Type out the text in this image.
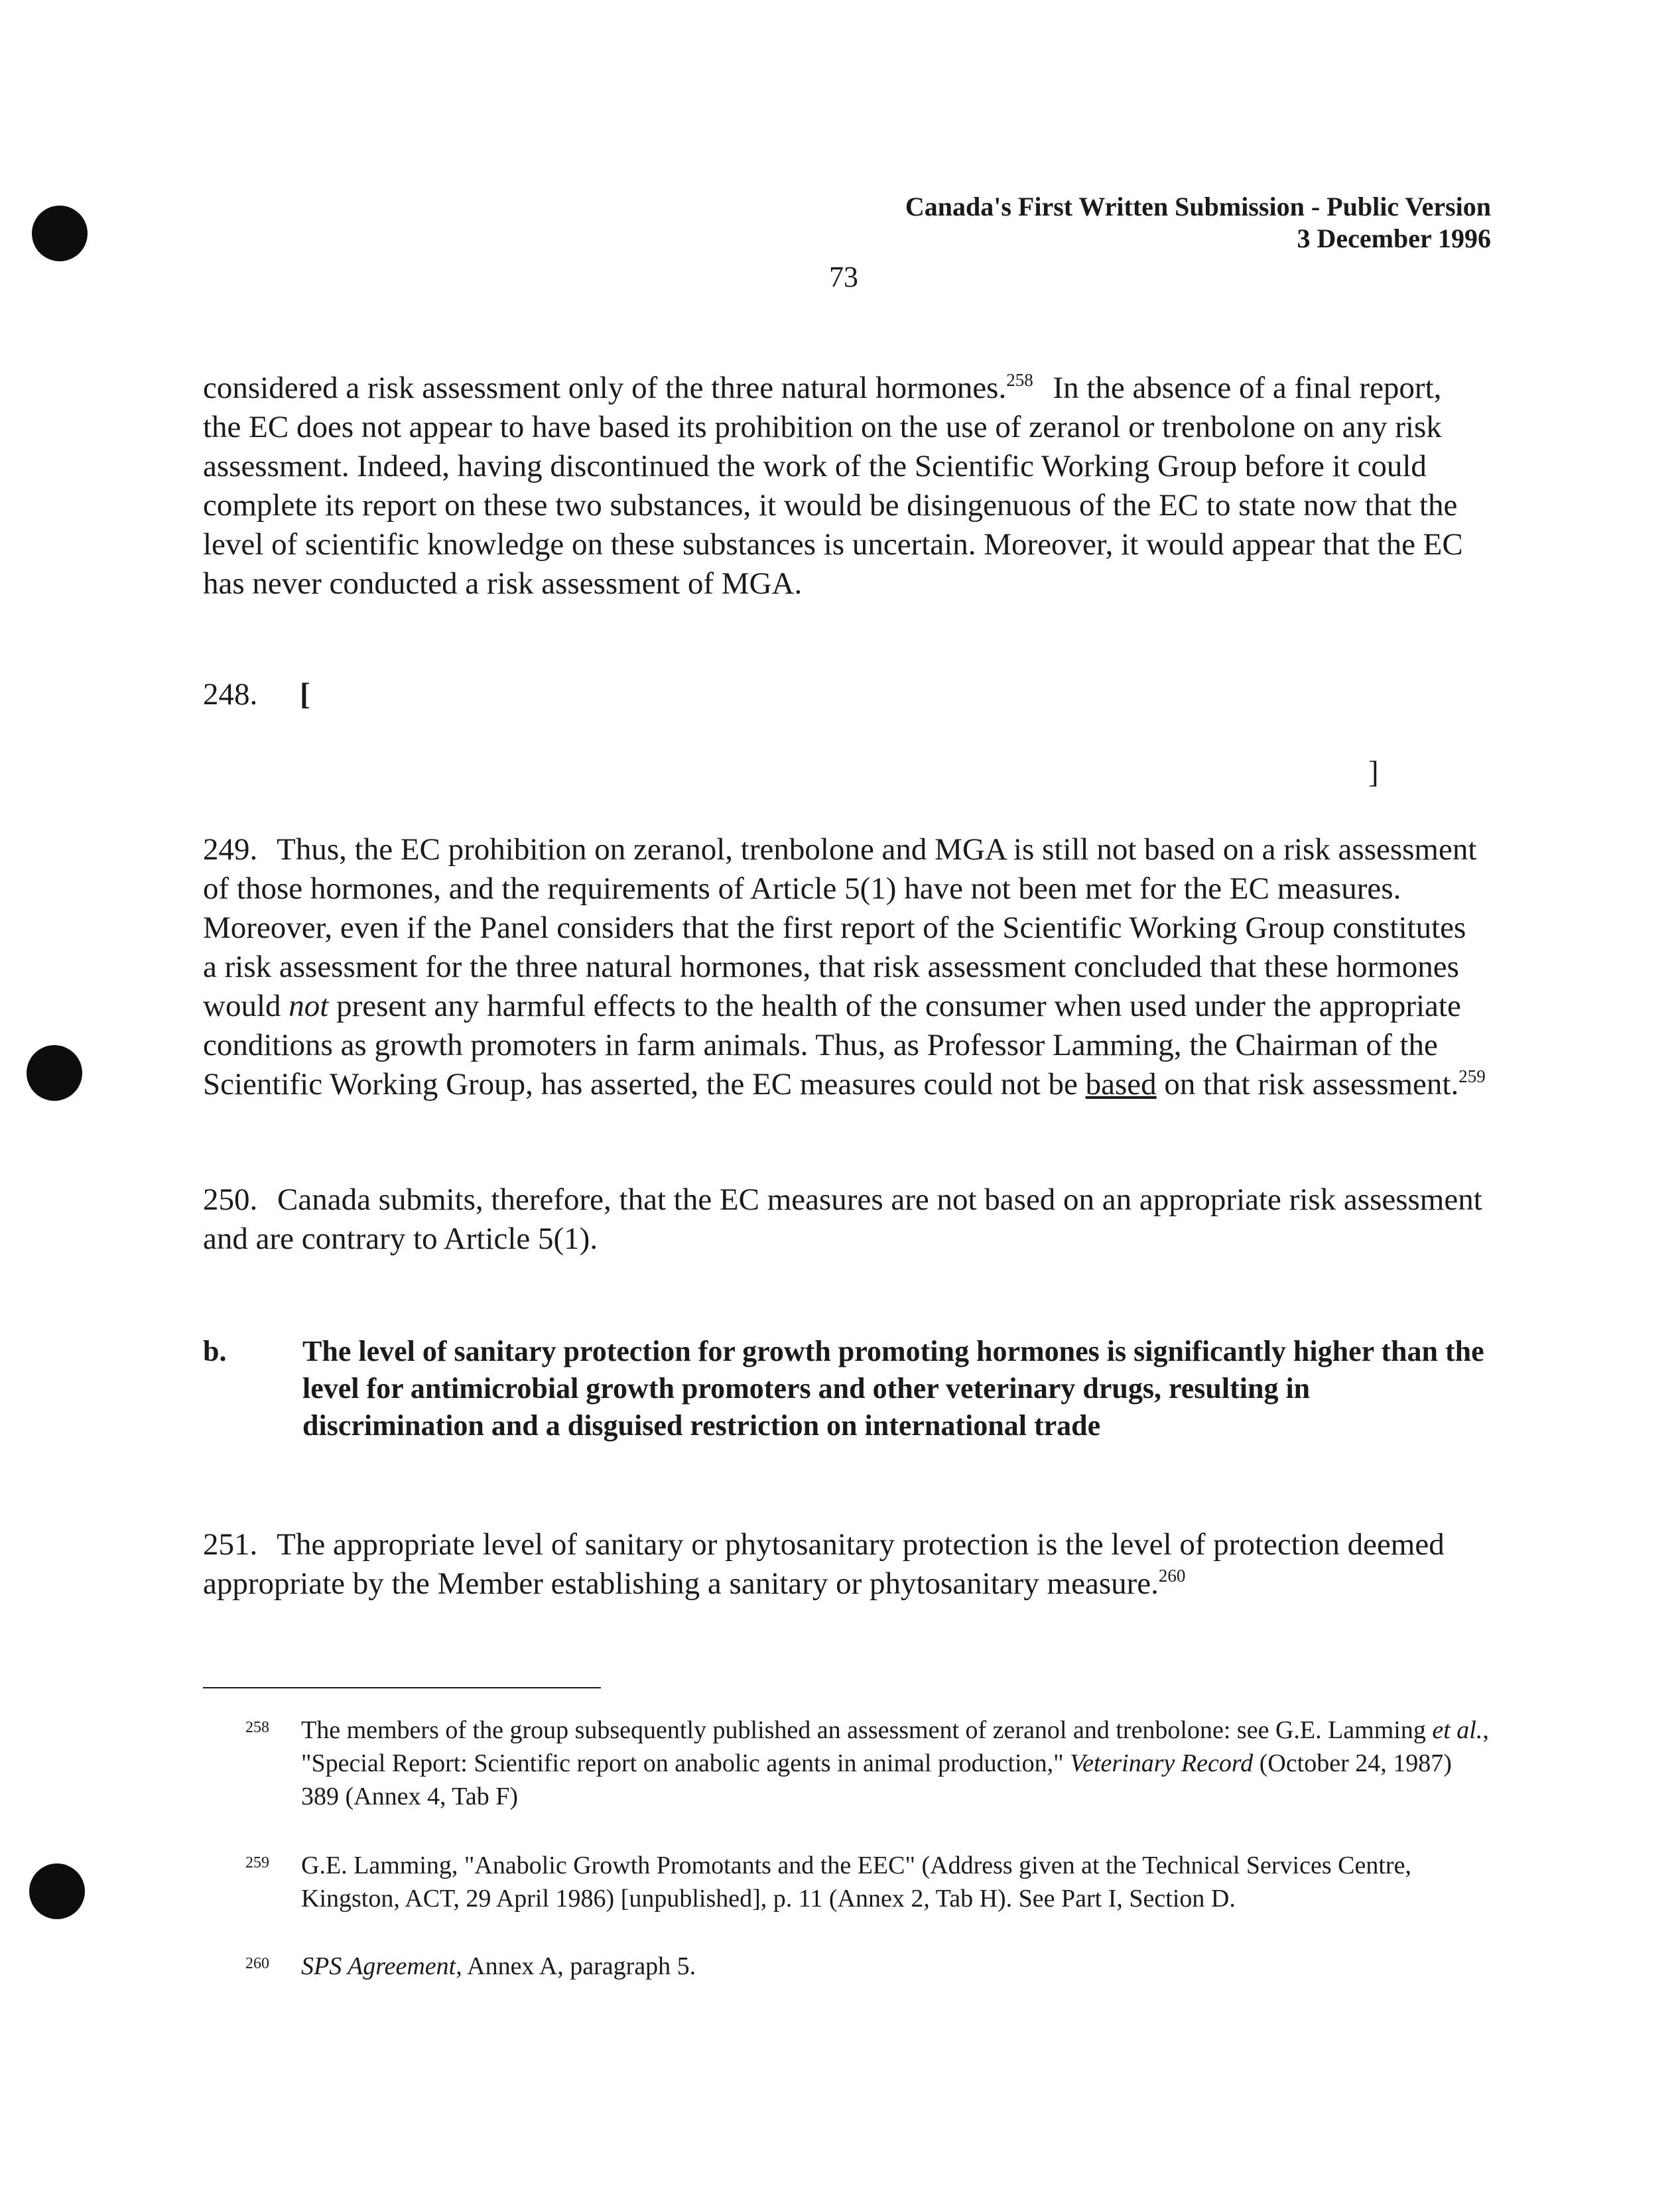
Canada's First Written Submission - Public Version
3 December 1996
73

considered a risk assessment only of the three natural hormones.$^{258}$ In the absence of a final report, the EC does not appear to have based its prohibition on the use of zeranol or trenbolone on any risk assessment. Indeed, having discontinued the work of the Scientific Working Group before it could complete its report on these two substances, it would be disingenuous of the EC to state now that the level of scientific knowledge on these substances is uncertain. Moreover, it would appear that the EC has never conducted a risk assessment of MGA.

248. [
]

249. Thus, the EC prohibition on zeranol, trenbolone and MGA is still not based on a risk assessment of those hormones, and the requirements of Article 5(1) have not been met for the EC measures. Moreover, even if the Panel considers that the first report of the Scientific Working Group constitutes a risk assessment for the three natural hormones, that risk assessment concluded that these hormones would not present any harmful effects to the health of the consumer when used under the appropriate conditions as growth promoters in farm animals. Thus, as Professor Lamming, the Chairman of the Scientific Working Group, has asserted, the EC measures could not be based on that risk assessment.$^{259}$

250. Canada submits, therefore, that the EC measures are not based on an appropriate risk assessment and are contrary to Article 5(1).

b.	The level of sanitary protection for growth promoting hormones is significantly higher than the level for antimicrobial growth promoters and other veterinary drugs, resulting in discrimination and a disguised restriction on international trade

251. The appropriate level of sanitary or phytosanitary protection is the level of protection deemed appropriate by the Member establishing a sanitary or phytosanitary measure.$^{260}$

258 The members of the group subsequently published an assessment of zeranol and trenbolone: see G.E. Lamming et al., "Special Report: Scientific report on anabolic agents in animal production," Veterinary Record (October 24, 1987) 389 (Annex 4, Tab F)
259 G.E. Lamming, "Anabolic Growth Promotants and the EEC" (Address given at the Technical Services Centre, Kingston, ACT, 29 April 1986) [unpublished], p. 11 (Annex 2, Tab H). See Part I, Section D.
260 SPS Agreement, Annex A, paragraph 5.
